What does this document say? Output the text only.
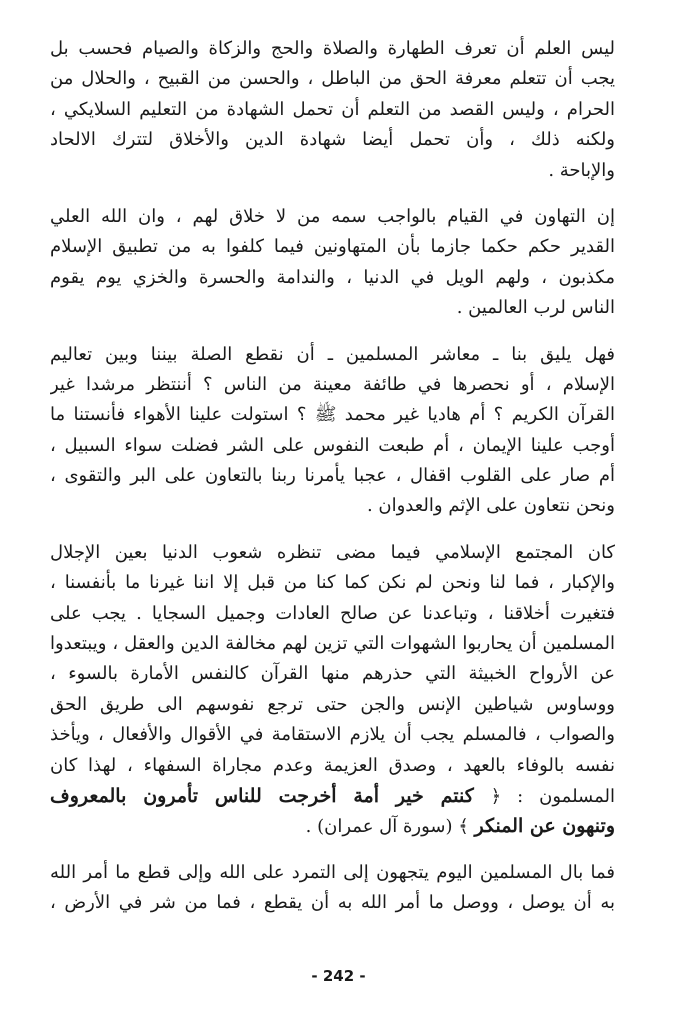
ليس العلم أن تعرف الطهارة والصلاة والحج والزكاة والصيام فحسب بل
يجب أن تتعلم معرفة الحق من الباطل ، والحسن من القبيح ، والحلال من
الحرام ، وليس القصد من التعلم أن تحمل الشهادة من التعليم السلايكي ،
ولكنه ذلك ، وأن تحمل أيضا شهادة الدين والأخلاق لتترك الالحاد
والإباحة .
إن التهاون في القيام بالواجب سمه من لا خلاق لهم ، وان الله العلي
القدير حكم حكما جازما بأن المتهاونين فيما كلفوا به من تطبيق الإسلام
مكذبون ، ولهم الويل في الدنيا ، والندامة والحسرة والخزي يوم يقوم
الناس لرب العالمين .
فهل يليق بنا ـ معاشر المسلمين ـ أن نقطع الصلة بيننا وبين تعاليم
الإسلام ، أو نحصرها في طائفة معينة من الناس ؟ أننتظر مرشدا غير
القرآن الكريم ؟ أم هاديا غير محمد ﷺ ؟ استولت علينا الأهواء فأنستنا ما
أوجب علينا الإيمان ، أم طبعت النفوس على الشر فضلت سواء السبيل ،
أم صار على القلوب اقفال ، عجبا يأمرنا ربنا بالتعاون على البر والتقوى ،
ونحن نتعاون على الإثم والعدوان .
كان المجتمع الإسلامي فيما مضى تنظره شعوب الدنيا بعين الإجلال
والإكبار ، فما لنا ونحن لم نكن كما كنا من قبل إلا اننا غيرنا ما بأنفسنا ،
فتغيرت أخلاقنا ، وتباعدنا عن صالح العادات وجميل السجايا . يجب على
المسلمين أن يحاربوا الشهوات التي تزين لهم مخالفة الدين والعقل ، ويبتعدوا
عن الأرواح الخبيثة التي حذرهم منها القرآن كالنفس الأمارة بالسوء ،
ووساوس شياطين الإنس والجن حتى ترجع نفوسهم الى طريق الحق
والصواب ، فالمسلم يجب أن يلازم الاستقامة في الأقوال والأفعال ، ويأخذ
نفسه بالوفاء بالعهد ، وصدق العزيمة وعدم مجاراة السفهاء ، لهذا كان
المسلمون : ﴿ كنتم خير أمة أخرجت للناس تأمرون بالمعروف
وتنهون عن المنكر ﴾ (سورة آل عمران) .
فما بال المسلمين اليوم يتجهون إلى التمرد على الله وإلى قطع ما أمر الله
به أن يوصل ، ووصل ما أمر الله به أن يقطع ، فما من شر في الأرض ،
- 242 -
